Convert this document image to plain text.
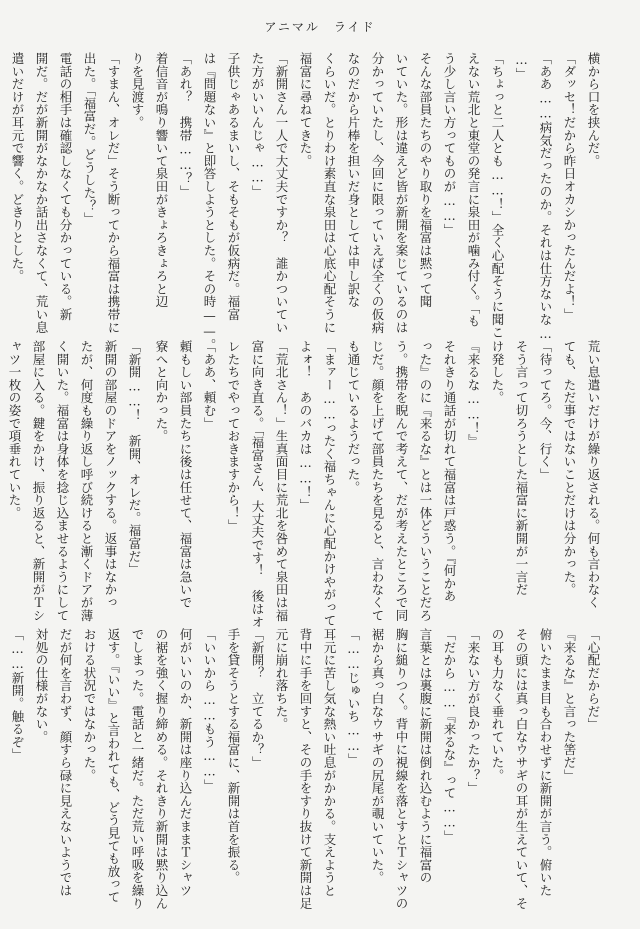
アニマル　ライド
横から口を挟んだ。
「ダッセ！だから昨日オカシかったんだよ！」
「ああ……病気だったのか。それは仕方ないな…
…」
「ちょっと二人とも……！」全く心配そうに聞こ
えない荒北と東堂の発言に泉田が噛み付く。「も
う少し言い方ってものが……」
そんな部員たちのやり取りを福富は黙って聞
いていた。形は違えど皆が新開を案じているのは
分かっていたし、今回に限っていえば全くの仮病
なのだから片棒を担いだ身としては申し訳な
くらいだ。とりわけ素直な泉田は心底心配そうに
福富に尋ねてきた。
「新開さん一人で大丈夫ですか？　誰かついてい
た方がいいんじゃ……」
子供じゃあるまいし、そもそもが仮病だ。福富
は『問題ない』と即答しようとした。その時——。
「あれ？　携帯……？」
着信音が鳴り響いて泉田がきょろきょろと辺
りを見渡す。
「すまん、オレだ」そう断ってから福富は携帯に
出た。「福富だ。どうした？」
電話の相手は確認しなくても分かっている。新
開だ。だが新開がなかなか話出さなくて、荒い息
遣いだけが耳元で響く。どきりとした。
荒い息遣いだけが繰り返される。何も言わなく
ても、ただ事ではないことだけは分かった。
「待ってろ。今、行く」
そう言って切ろうとした福富に新開が一言だ
け発した。
『来るな……！』
それきり通話が切れて福富は戸惑う。『何かあ
った』のに『来るな』とは一体どういうことだろ
う。携帯を睨んで考えて、だが考えたところで同
じだ。顔を上げて部員たちを見ると、言わなくて
も通じているようだった。
「まァー……ったく福ちゃんに心配かけやがって
よォ！　あのバカは……！」
「荒北さん！」生真面目に荒北を咎めて泉田は福
富に向き直る。「福富さん、大丈夫です！　後はオ
レたちでやっておきますから！」
「ああ、頼む」
頼もしい部員たちに後は任せて、福富は急いで
寮へと向かった。
「新開……！　新開、オレだ。福富だ」
新開の部屋のドアをノックする。返事はなかっ
たが、何度も繰り返し呼び続けると漸くドアが薄
く開いた。福富は身体を捻じ込ませるようにして
部屋に入る。鍵をかけ、振り返ると、新開がＴシ
ャツ一枚の姿で項垂れていた。
「心配だからだ」
『来るな』と言った筈だ」
俯いたまま目も合わせずに新開が言う。俯いた
その頭には真っ白なウサギの耳が生えていて、そ
の耳も力なく垂れていた。
「来ない方が良かったか？」
「だから……『来るな』って……」
言葉とは裏腹に新開は倒れ込むように福富の
胸に縋りつく。背中に視線を落とすとＴシャツの
裾から真っ白なウサギの尻尾が覗いていた。
「……じゅいち……」
耳元に苦し気な熱い吐息がかかる。支えようと
背中に手を回すと、その手をすり抜けて新開は足
元に崩れ落ちた。
「新開？　立てるか？」
手を貸そうとする福富に、新開は首を振る。
「いいから……もう……」
何がいいのか、新開は座り込んだままＴシャツ
の裾を強く握り締める。それきり新開は黙り込ん
でしまった。電話と一緒だ。ただ荒い呼吸を繰り
返す。『いい』と言われても、どう見ても放って
おける状況ではなかった。
だが何を言わず、顔すら碌に見えないようでは
対処の仕様がない。
「……新開。触るぞ」
